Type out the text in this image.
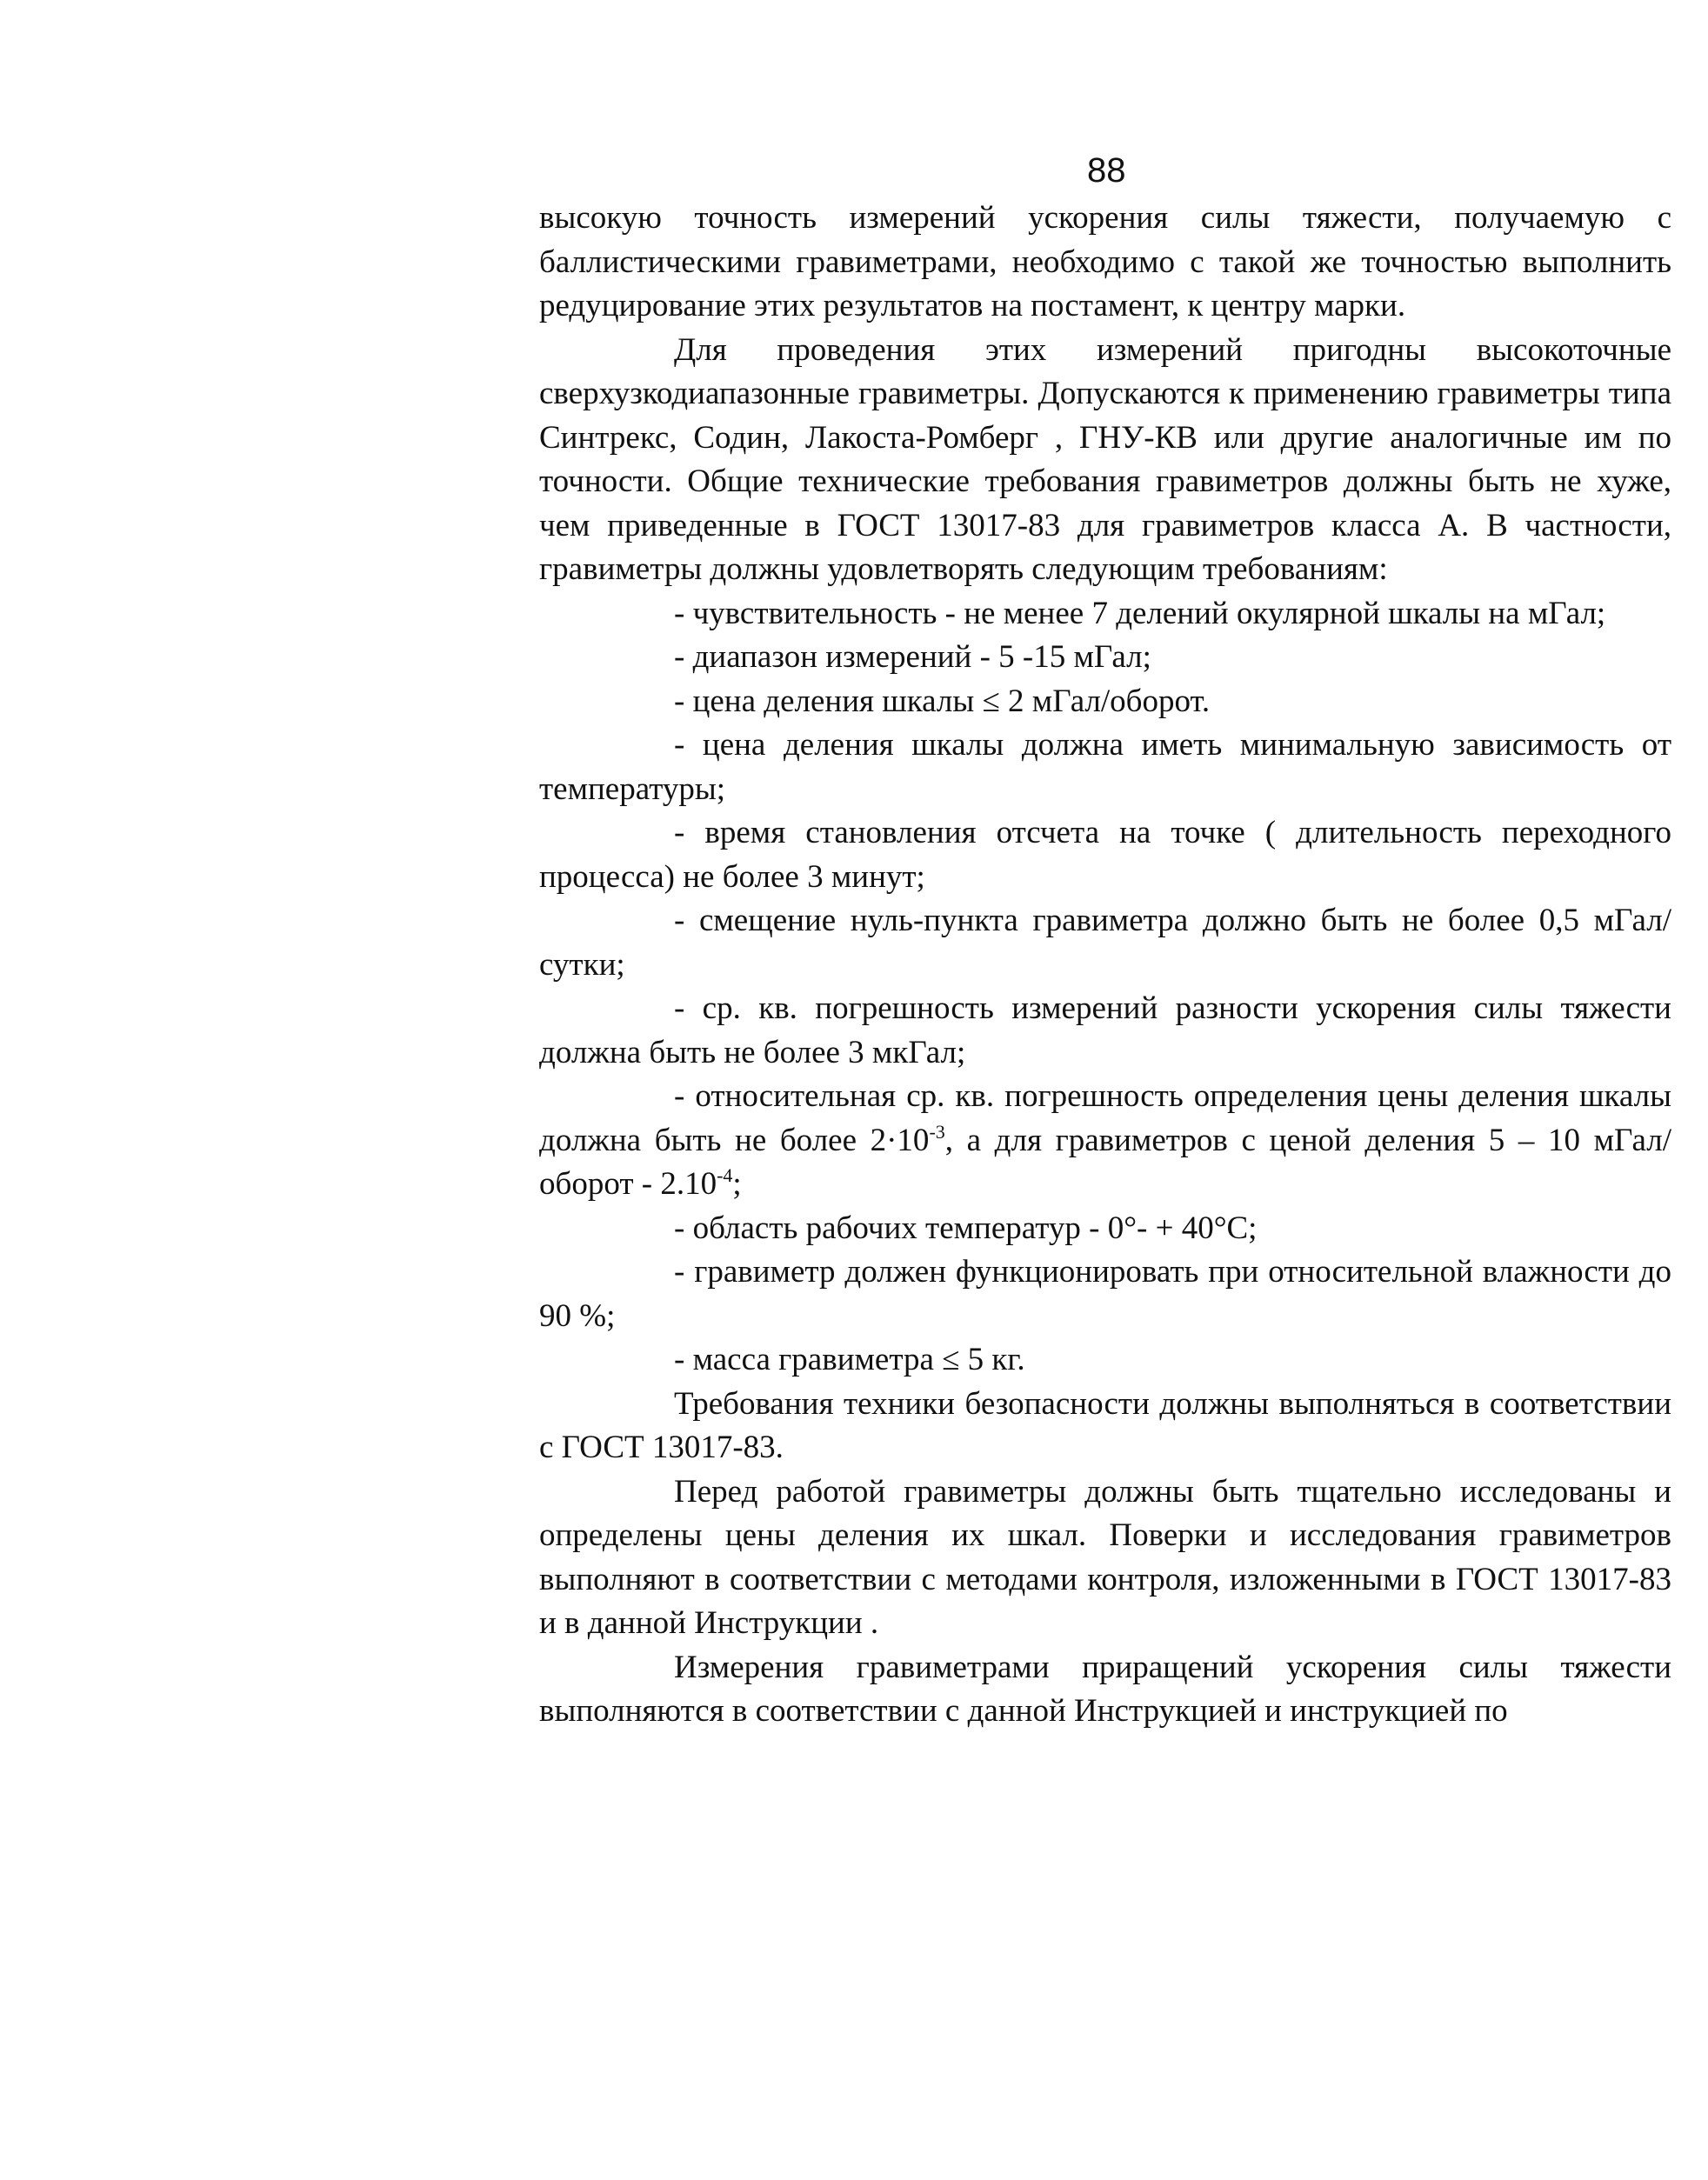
88

высокую точность измерений ускорения силы тяжести, получаемую с баллистическими гравиметрами, необходимо с такой же точностью выполнить редуцирование этих результатов на постамент, к центру марки.

Для проведения этих измерений пригодны высокоточные сверхузкодиапазонные гравиметры. Допускаются к применению гравиметры типа Синтрекс, Содин, Лакоста-Ромберг , ГНУ-КВ или другие аналогичные им по точности. Общие технические требования гравиметров должны быть не хуже, чем приведенные в ГОСТ 13017-83 для гравиметров класса А. В частности, гравиметры должны удовлетворять следующим требованиям:

- чувствительность - не менее 7 делений окулярной шкалы на мГал;

- диапазон измерений - 5 -15 мГал;

- цена деления шкалы ≤ 2 мГал/оборот.

- цена деления шкалы должна иметь минимальную зависимость от температуры;

- время становления отсчета на точке ( длительность переходного процесса) не более 3 минут;

- смещение нуль-пункта гравиметра должно быть не более 0,5 мГал/сутки;

- ср. кв. погрешность измерений разности ускорения силы тяжести должна быть не более 3 мкГал;

- относительная ср. кв. погрешность определения цены деления шкалы должна быть не более $2\cdot 10^{-3}$, а для гравиметров с ценой деления 5 – 10 мГал/оборот - $2.10^{-4}$;

- область рабочих температур - 0°- + 40°С;

- гравиметр должен функционировать при относительной влажности до 90 %;

- масса гравиметра ≤ 5 кг.

Требования техники безопасности должны выполняться в соответствии с ГОСТ 13017-83.

Перед работой гравиметры должны быть тщательно исследованы и определены цены деления их шкал. Поверки и исследования гравиметров выполняют в соответствии с методами контроля, изложенными в ГОСТ 13017-83 и в данной Инструкции .

Измерения гравиметрами приращений ускорения силы тяжести выполняются в соответствии с данной Инструкцией и инструкцией по
